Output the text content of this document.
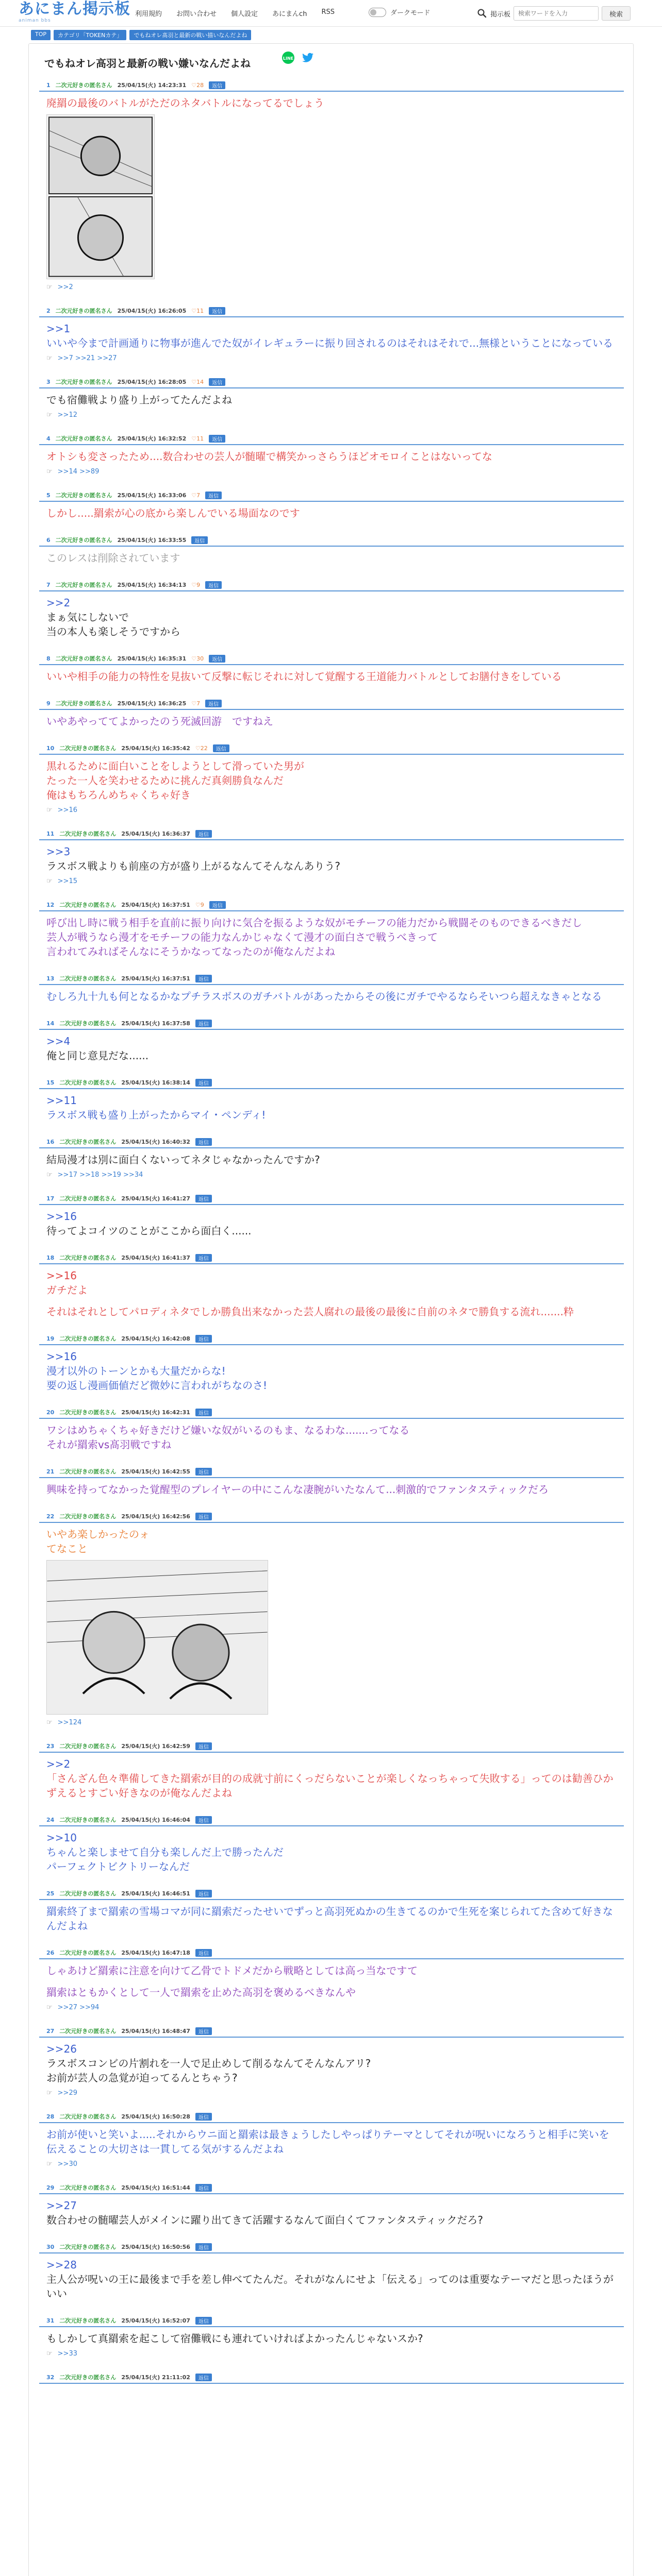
あにまん掲示板
animan bbs
利用規約 お問い合わせ 個人設定 あにまんch RSS	ダークモード	掲示板
検索ワードを入力	検索
TOP	カテゴリ「TOKENカテ」	でもねオレ髙羽と最新の戦い描いなんだよね
でもねオレ高羽と最新の戦い嫌いなんだよね	LINE
1 二次元好きの匿名さん 25/04/15(火) 14:23:31 ♡28	返信
廃羂の最後のバトルがただのネタバトルになってるでしょう
☞ >>2
2 二次元好きの匿名さん 25/04/15(火) 16:26:05 ♡11	返信
>>1
いいや今まで計画通りに物事が進んでた奴がイレギュラーに振り回されるのはそれはそれで...無様ということになっている
☞ >>7 >>21 >>27
3 二次元好きの匿名さん 25/04/15(火) 16:28:05 ♡14	返信
でも宿儺戦より盛り上がってたんだよね
☞ >>12
4 二次元好きの匿名さん 25/04/15(火) 16:32:52 ♡11	返信
オトシも変さったため....数合わせの芸人が髄曜で構笑かっさらうほどオモロイことはないってな
☞ >>14 >>89
5 二次元好きの匿名さん 25/04/15(火) 16:33:06 ♡7	返信
しかし.....羂索が心の底から楽しんでいる場面なのです
6 二次元好きの匿名さん 25/04/15(火) 16:33:55	返信
このレスは削除されています
7 二次元好きの匿名さん 25/04/15(火) 16:34:13 ♡9	返信
>>2
まぁ気にしないで
当の本人も楽しそうですから
8 二次元好きの匿名さん 25/04/15(火) 16:35:31 ♡30	返信
いいや相手の能力の特性を見抜いて反撃に転じそれに対して覚醒する王道能力バトルとしてお膳付きをしている
9 二次元好きの匿名さん 25/04/15(火) 16:36:25 ♡7	返信
いやあやっててよかったのう死滅回游　ですねえ
10 二次元好きの匿名さん 25/04/15(火) 16:35:42 ♡22	返信
黒れるために面白いことをしようとして滑っていた男が
たった一人を笑わせるために挑んだ真剣勝負なんだ
俺はもちろんめちゃくちゃ好き
☞ >>16
11 二次元好きの匿名さん 25/04/15(火) 16:36:37	返信
>>3
ラスボス戦よりも前座の方が盛り上がるなんてそんなんありう?
☞ >>15
12 二次元好きの匿名さん 25/04/15(火) 16:37:51 ♡9	返信
呼び出し時に戦う相手を直前に振り向けに気合を振るような奴がモチーフの能力だから戦闘そのものできるべきだし
芸人が戦うなら漫才をモチーフの能力なんかじゃなくて漫才の面白さで戦うべきって
言われてみればそんなにそうかなってなったのが俺なんだよね
13 二次元好きの匿名さん 25/04/15(火) 16:37:51	返信
むしろ九十九も何となるかなプチラスボスのガチバトルがあったからその後にガチでやるならそいつら超えなきゃとなる
14 二次元好きの匿名さん 25/04/15(火) 16:37:58	返信
>>4
俺と同じ意見だな......
15 二次元好きの匿名さん 25/04/15(火) 16:38:14	返信
>>11
ラスボス戦も盛り上がったからマイ・ペンディ!
16 二次元好きの匿名さん 25/04/15(火) 16:40:32	返信
結局漫才は別に面白くないってネタじゃなかったんですか?
☞ >>17 >>18 >>19 >>34
17 二次元好きの匿名さん 25/04/15(火) 16:41:27	返信
>>16
待ってよコイツのことがここから面白く......
18 二次元好きの匿名さん 25/04/15(火) 16:41:37	返信
>>16
ガチだよ
それはそれとしてパロディネタでしか勝負出来なかった芸人腐れの最後の最後に自前のネタで勝負する流れ.......粋
19 二次元好きの匿名さん 25/04/15(火) 16:42:08	返信
>>16
漫才以外のトーンとかも大量だからな!
要の返し漫画価値だど微妙に言われがちなのさ!
20 二次元好きの匿名さん 25/04/15(火) 16:42:31	返信
ワシはめちゃくちゃ好きだけど嫌いな奴がいるのもま、なるわな.......ってなる
それが羂索vs髙羽戦ですね
21 二次元好きの匿名さん 25/04/15(火) 16:42:55	返信
興味を持ってなかった覚醒型のプレイヤーの中にこんな凄腕がいたなんて...刺激的でファンタスティックだろ
22 二次元好きの匿名さん 25/04/15(火) 16:42:56	返信
いやあ楽しかったのォ
てなこと
☞ >>124
23 二次元好きの匿名さん 25/04/15(火) 16:42:59	返信
>>2
「さんざん色々準備してきた羂索が目的の成就寸前にくっだらないことが楽しくなっちゃって失敗する」ってのは勧善ひかずえるとすごい好きなのが俺なんだよね
24 二次元好きの匿名さん 25/04/15(火) 16:46:04	返信
>>10
ちゃんと楽しませて自分も楽しんだ上で勝ったんだ
パーフェクトビクトリーなんだ
25 二次元好きの匿名さん 25/04/15(火) 16:46:51	返信
羂索終了まで羂索の雪場コマが同に羂索だったせいでずっと高羽死ぬかの生きてるのかで生死を案じられてた含めて好きなんだよね
26 二次元好きの匿名さん 25/04/15(火) 16:47:18	返信
しゃあけど羂索に注意を向けて乙骨でトドメだから戦略としては高っ当なですて
羂索はともかくとして一人で羂索を止めた高羽を褒めるべきなんや
☞ >>27 >>94
27 二次元好きの匿名さん 25/04/15(火) 16:48:47	返信
>>26
ラスボスコンビの片割れを一人で足止めして削るなんてそんなんアリ?
お前が芸人の急覚が迫ってるんとちゃう?
☞ >>29
28 二次元好きの匿名さん 25/04/15(火) 16:50:28	返信
お前が使いと笑いよ.....それからウニ面と羂索は最きょうしたしやっぱりテーマとしてそれが呪いになろうと相手に笑いを伝えることの大切さは一貫してる気がするんだよね
☞ >>30
29 二次元好きの匿名さん 25/04/15(火) 16:51:44	返信
>>27
数合わせの髄曜芸人がメインに躍り出てきて活躍するなんて面白くてファンタスティックだろ?
30 二次元好きの匿名さん 25/04/15(火) 16:50:56	返信
>>28
主人公が呪いの王に最後まで手を差し伸べてたんだ。それがなんにせよ「伝える」ってのは重要なテーマだと思ったほうがいい
31 二次元好きの匿名さん 25/04/15(火) 16:52:07	返信
もしかして真羂索を起こして宿儺戦にも連れていければよかったんじゃないスか?
☞ >>33
32 二次元好きの匿名さん 25/04/15(火) 21:11:02	返信
